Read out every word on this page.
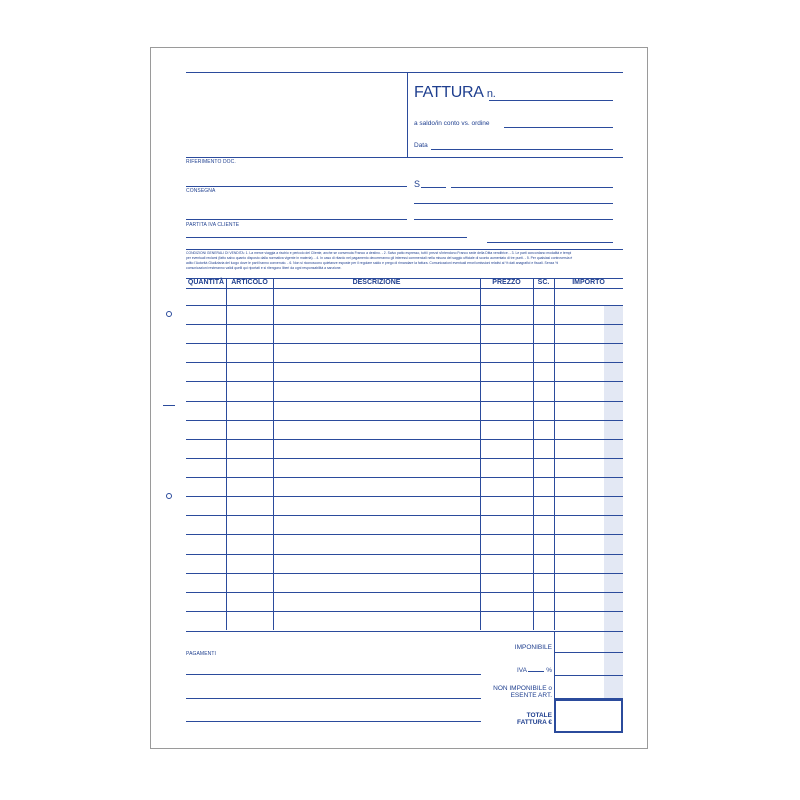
FATTURA n.
a saldo/in conto vs. ordine
Data
RIFERIMENTO DOC.
S
CONSEGNA
PARTITA IVA CLIENTE
CONDIZIONI GENERALI DI VENDITA: 1. La merce viaggia a rischio e pericolo del Cliente, anche se convenuta Franco a destino. - 2. Salvo patto espresso, tutti i prezzi s'intendono Franco sede della Ditta venditrice. - 3. Le parti concordano modalità e tempi
per eventuali reclami (fatto salvo quanto disposto dalla normativa vigente in materia). - 4. In caso di ritardo nel pagamento decorreranno gli interessi commerciali nella misura del saggio ufficiale di sconto aumentato di tre punti. - 5. Per qualsiasi controversia è
adito l'Autorità Giudiziaria del luogo dove le parti hanno convenuto. - 6. Non si riconoscono quietanze esposte per il regolare saldo e prego di rimandare la fattura. Comunicazioni eventuali errori/omissioni relativi al % dati anagrafici e fiscali. Senza %
comunicazioni resteranno validi quelli qui riportati e si ritengono liberi da ogni responsabilità a sanzione.
QUANTITÀ	ARTICOLO	DESCRIZIONE	PREZZO	SC.	IMPORTO
PAGAMENTI
IMPONIBILE
IVA	%
NON IMPONIBILE o
ESENTE ART.
TOTALE
FATTURA €
